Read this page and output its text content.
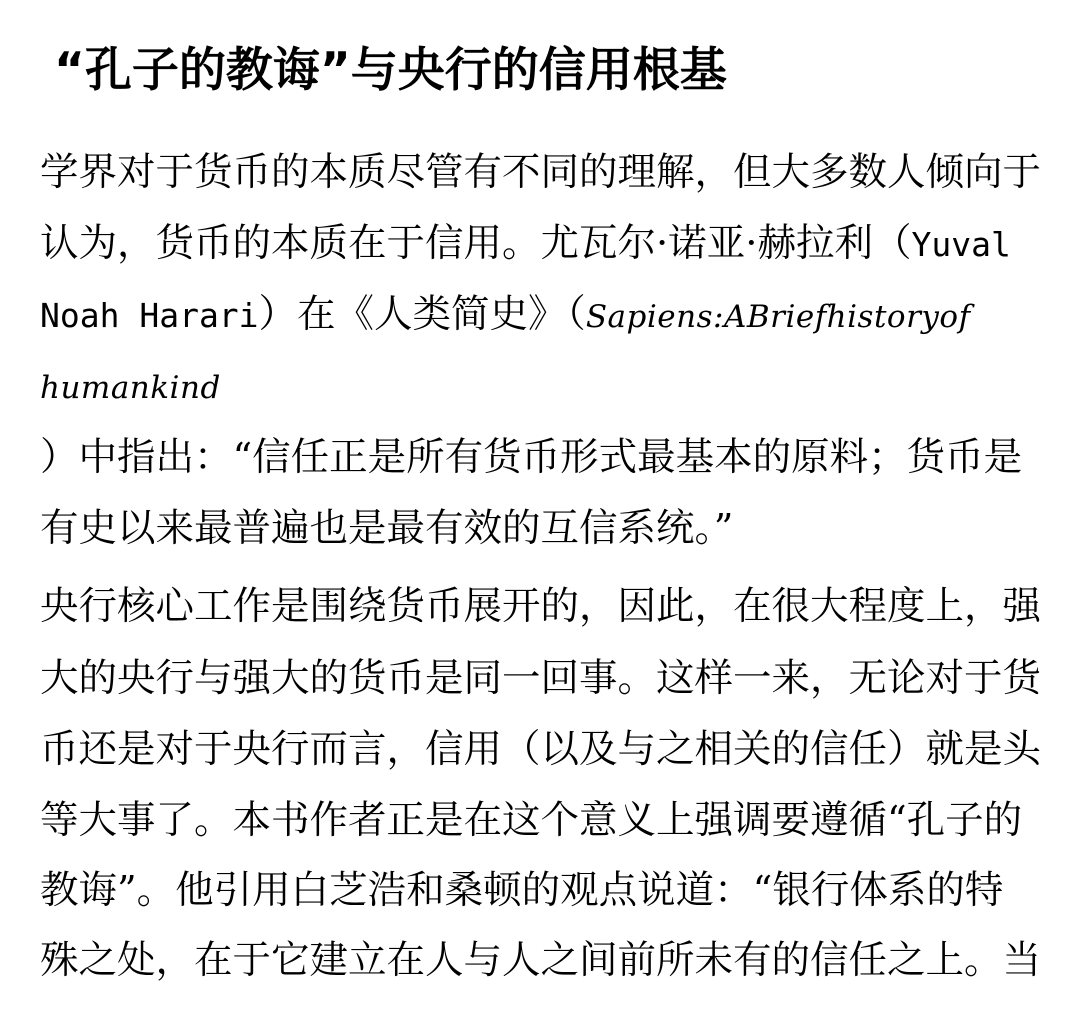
“孔子的教诲”与央行的信用根基

学界对于货币的本质尽管有不同的理解，但大多数人倾向于

认为，货币的本质在于信用。尤瓦尔·诺亚·赫拉利（Yuval

Noah Harari）在《人类简史》（Sapiens:ABriefhistoryof

humankind

）中指出：“信任正是所有货币形式最基本的原料；货币是

有史以来最普遍也是最有效的互信系统。”

央行核心工作是围绕货币展开的，因此，在很大程度上，强

大的央行与强大的货币是同一回事。这样一来，无论对于货

币还是对于央行而言，信用（以及与之相关的信任）就是头

等大事了。本书作者正是在这个意义上强调要遵循“孔子的

教诲”。他引用白芝浩和桑顿的观点说道：“银行体系的特

殊之处，在于它建立在人与人之间前所未有的信任之上。当
